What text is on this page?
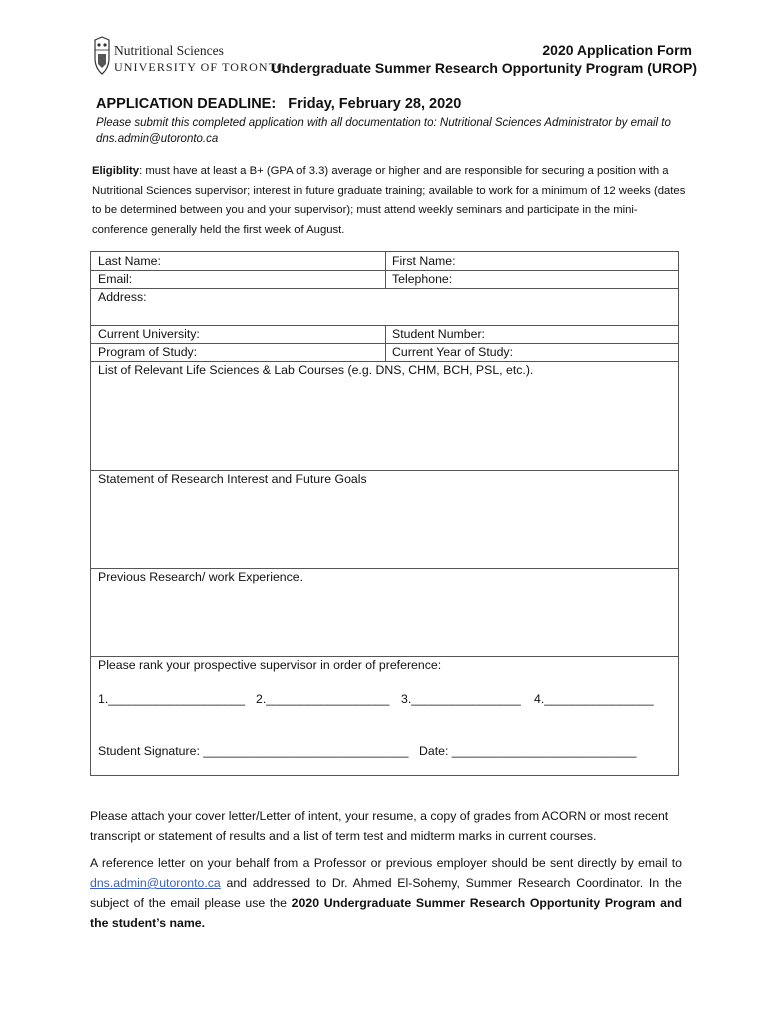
Nutritional Sciences
UNIVERSITY OF TORONTO
2020 Application Form
Undergraduate Summer Research Opportunity Program (UROP)
APPLICATION DEADLINE: Friday, February 28, 2020
Please submit this completed application with all documentation to: Nutritional Sciences Administrator by email to dns.admin@utoronto.ca
Eligiblity: must have at least a B+ (GPA of 3.3) average or higher and are responsible for securing a position with a Nutritional Sciences supervisor; interest in future graduate training; available to work for a minimum of 12 weeks (dates to be determined between you and your supervisor); must attend weekly seminars and participate in the mini-conference generally held the first week of August.
Last Name:	First Name:
Email:	Telephone:
Address:
Current University:	Student Number:
Program of Study:	Current Year of Study:
List of Relevant Life Sciences & Lab Courses (e.g. DNS, CHM, BCH, PSL, etc.).
Statement of Research Interest and Future Goals
Previous Research/ work Experience.
Please rank your prospective supervisor in order of preference:
1.____________________ 2.__________________ 3.________________ 4.________________
Student Signature: ______________________________ Date: ___________________________
Please attach your cover letter/Letter of intent, your resume, a copy of grades from ACORN or most recent transcript or statement of results and a list of term test and midterm marks in current courses.
A reference letter on your behalf from a Professor or previous employer should be sent directly by email to dns.admin@utoronto.ca and addressed to Dr. Ahmed El-Sohemy, Summer Research Coordinator. In the subject of the email please use the 2020 Undergraduate Summer Research Opportunity Program and the student’s name.
